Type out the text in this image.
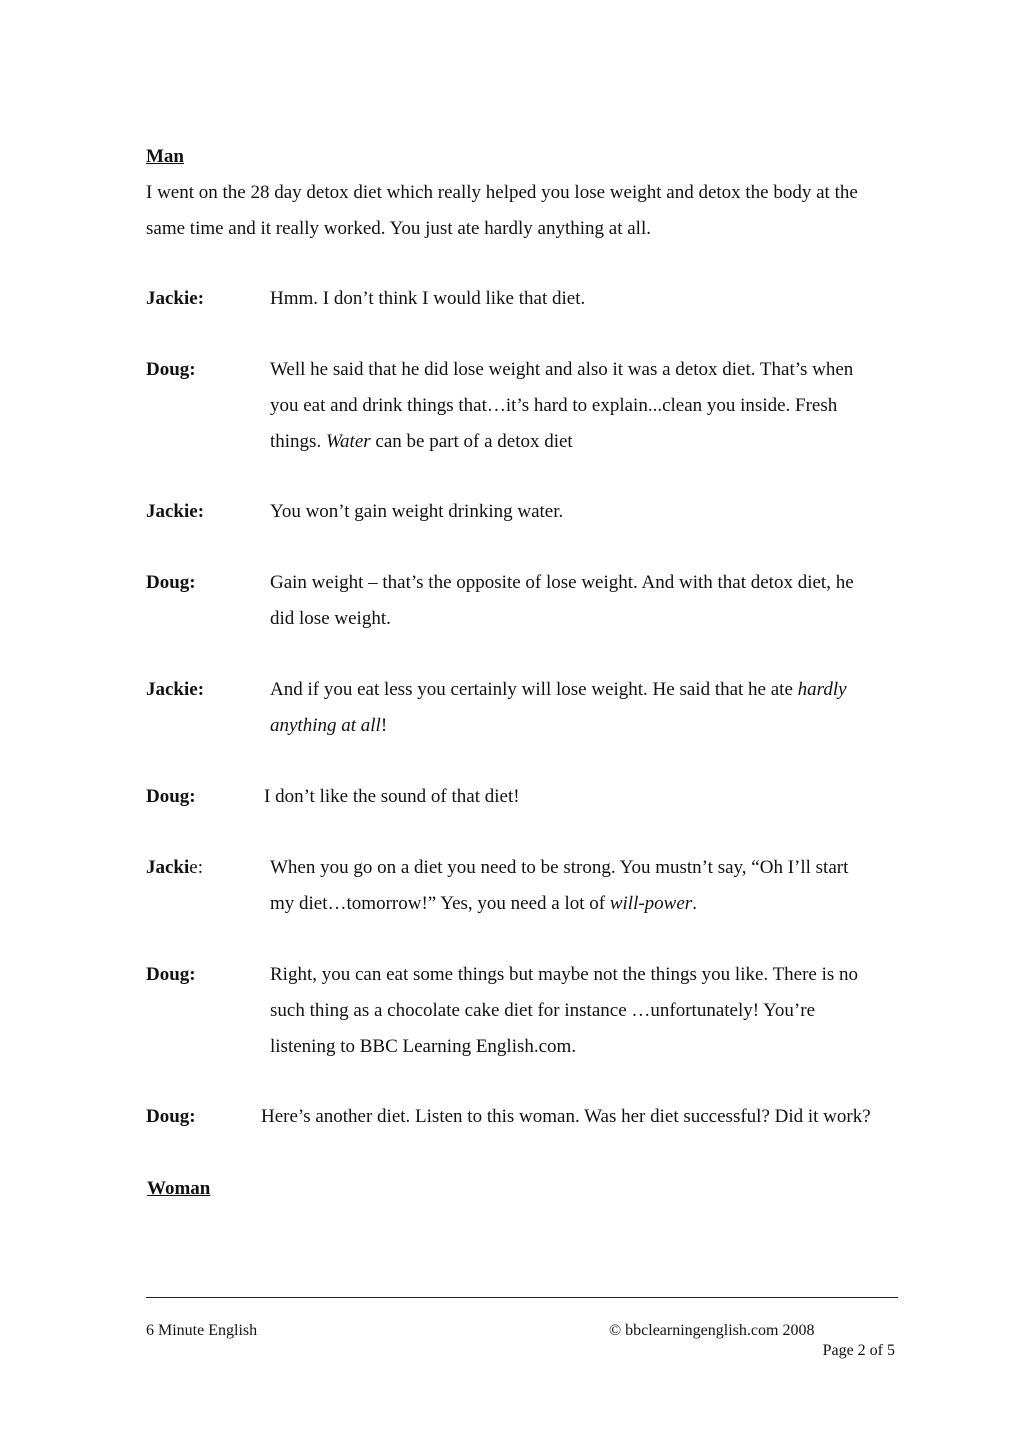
Man
I went on the 28 day detox diet which really helped you lose weight and detox the body at the
same time and it really worked. You just ate hardly anything at all.
Jackie:	Hmm. I don’t think I would like that diet.
Doug:	Well he said that he did lose weight and also it was a detox diet. That’s when
you eat and drink things that…it’s hard to explain...clean you inside. Fresh
things. Water can be part of a detox diet
Jackie:	You won’t gain weight drinking water.
Doug:	Gain weight – that’s the opposite of lose weight. And with that detox diet, he
did lose weight.
Jackie:	And if you eat less you certainly will lose weight. He said that he ate hardly
anything at all!
Doug:	I don’t like the sound of that diet!
Jackie:	When you go on a diet you need to be strong. You mustn’t say, “Oh I’ll start
my diet…tomorrow!” Yes, you need a lot of will-power.
Doug:	Right, you can eat some things but maybe not the things you like. There is no
such thing as a chocolate cake diet for instance …unfortunately! You’re
listening to BBC Learning English.com.
Doug:	Here’s another diet. Listen to this woman. Was her diet successful? Did it work?
Woman
6 Minute English	© bbclearningenglish.com 2008
Page 2 of 5
